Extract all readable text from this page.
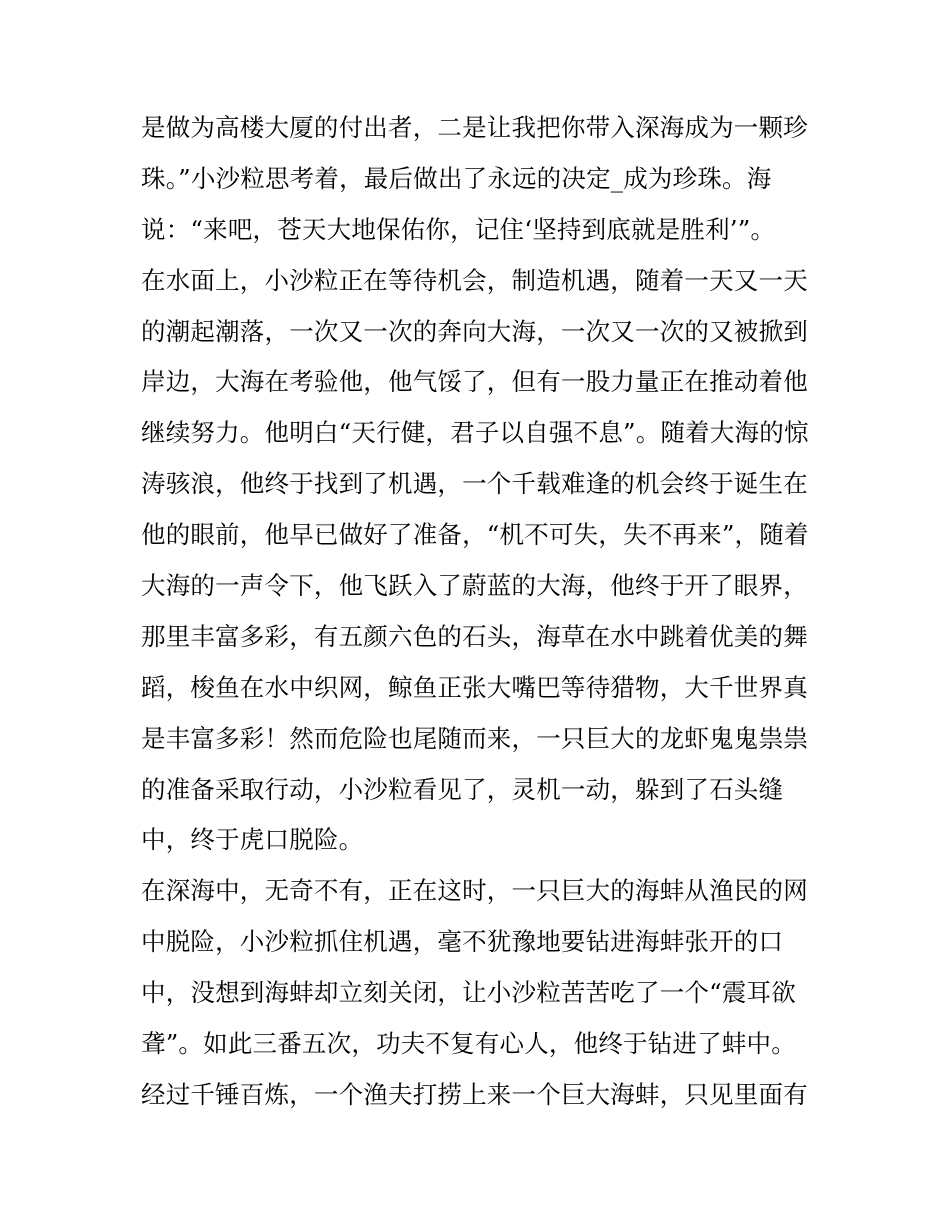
是做为高楼大厦的付出者，二是让我把你带入深海成为一颗珍
珠。”小沙粒思考着，最后做出了永远的决定_成为珍珠。海
说：“来吧，苍天大地保佑你，记住‘坚持到底就是胜利’”。
在水面上，小沙粒正在等待机会，制造机遇，随着一天又一天
的潮起潮落，一次又一次的奔向大海，一次又一次的又被掀到
岸边，大海在考验他，他气馁了，但有一股力量正在推动着他
继续努力。他明白“天行健，君子以自强不息”。随着大海的惊
涛骇浪，他终于找到了机遇，一个千载难逢的机会终于诞生在
他的眼前，他早已做好了准备，“机不可失，失不再来”，随着
大海的一声令下，他飞跃入了蔚蓝的大海，他终于开了眼界，
那里丰富多彩，有五颜六色的石头，海草在水中跳着优美的舞
蹈，梭鱼在水中织网，鲸鱼正张大嘴巴等待猎物，大千世界真
是丰富多彩！然而危险也尾随而来，一只巨大的龙虾鬼鬼祟祟
的准备采取行动，小沙粒看见了，灵机一动，躲到了石头缝
中，终于虎口脱险。
在深海中，无奇不有，正在这时，一只巨大的海蚌从渔民的网
中脱险，小沙粒抓住机遇，毫不犹豫地要钻进海蚌张开的口
中，没想到海蚌却立刻关闭，让小沙粒苦苦吃了一个“震耳欲
聋”。如此三番五次，功夫不复有心人，他终于钻进了蚌中。
经过千锤百炼，一个渔夫打捞上来一个巨大海蚌，只见里面有
